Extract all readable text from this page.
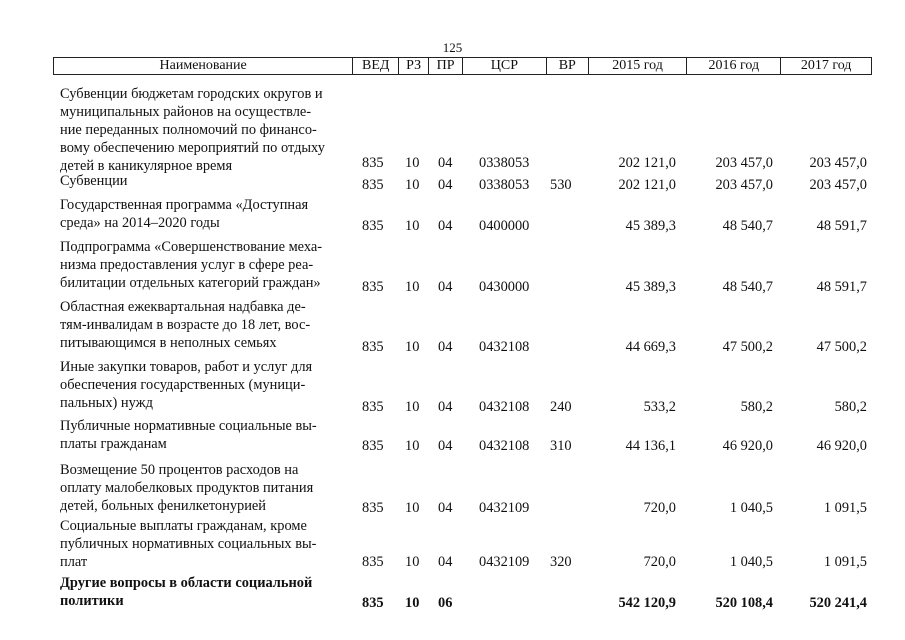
125
Наименование	ВЕД	РЗ	ПР	ЦСР	ВР	2015 год	2016 год	2017 год
Субвенции бюджетам городских округов и
муниципальных районов на осуществле-
ние переданных полномочий по финансо-
вому обеспечению мероприятий по отдыху
детей в каникулярное время	835 10 04 0338053	202 121,0	203 457,0	203 457,0
Субвенции	835 10 04 0338053 530	202 121,0	203 457,0	203 457,0
Государственная программа «Доступная
среда» на 2014–2020 годы	835 10 04 0400000	45 389,3	48 540,7	48 591,7
Подпрограмма «Совершенствование меха-
низма предоставления услуг в сфере реа-
билитации отдельных категорий граждан»	835 10 04 0430000	45 389,3	48 540,7	48 591,7
Областная ежеквартальная надбавка де-
тям-инвалидам в возрасте до 18 лет, вос-
питывающимся в неполных семьях	835 10 04 0432108	44 669,3	47 500,2	47 500,2
Иные закупки товаров, работ и услуг для
обеспечения государственных (муници-
пальных) нужд	835 10 04 0432108 240	533,2	580,2	580,2
Публичные нормативные социальные вы-
платы гражданам	835 10 04 0432108 310	44 136,1	46 920,0	46 920,0
Возмещение 50 процентов расходов на
оплату малобелковых продуктов питания
детей, больных фенилкетонурией	835 10 04 0432109	720,0	1 040,5	1 091,5
Социальные выплаты гражданам, кроме
публичных нормативных социальных вы-
плат	835 10 04 0432109 320	720,0	1 040,5	1 091,5
Другие вопросы в области социальной
политики	835 10 06	542 120,9	520 108,4	520 241,4
